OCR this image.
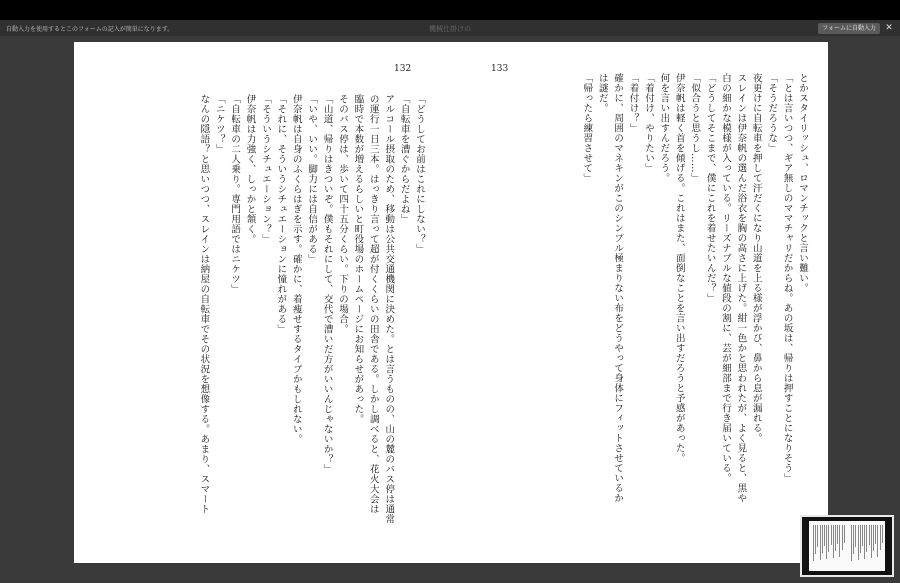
自動入力を使用するとこのフォームの記入が簡単になります。	フォームに自動入力	✕
機械仕掛けの
132	133

とかスタイリッシュ、ロマンチックと言い難い。

「とは言いつつ、ギア無しのママチャリだからね。あの坂は、帰りは押すことになりそう」

「そうだろうな」

夜更けに自転車を押して汗だくになり山道を上る様が浮かび、鼻から息が漏れる。

スレインは伊奈帆の選んだ浴衣を胸の高さに上げた。紺一色かと思われたが、よく見ると、黒や

白の細かな模様が入っている。リーズナブルな値段の割に、芸が細部まで行き届いている。

「どうしてそこまで、僕にこれを着せたいんだ？」

「似合うと思うし……」

伊奈帆は軽く首を傾げる。これはまた、面倒なことを言い出すだろうと予感があった。

何を言い出すんだろう。

「着付け、やりたい」

「着付け？」

確かに、周囲のマネキンがこのシンプル極まりない布をどうやって身体にフィットさせているか

は謎だ。

「帰ったら練習させて」

「どうしてお前はこれにしない？」

「自転車を漕ぐからだよね」

アルコール摂取のため、移動は公共交通機関に決めた。とは言うものの、山の麓のバス停は通常

の運行一日三本。はっきり言って超が付くくらいの田舎である。しかし調べると、花火大会は

臨時で本数が増えるらしいと町役場のホームページにお知らせがあった。

そのバス停は、歩いて四十五分くらい。下りの場合。

「山道、帰りはきついぞ。僕もそれにして、交代で漕いだ方がいいんじゃないか？」

「いや、いい。脚力には自信がある」

伊奈帆は自身のふくらはぎを示す。確かに、着痩せするタイプかもしれない。

「それに、そういうシチュエーションに憧れがある」

「そういうシチュエーション？」

伊奈帆は力強く、しっかと頷く。

「自転車の二人乗り。専門用語ではニケツ」

「ニケツ？」

なんの隠語？と思いつつ、スレインは納屋の自転車でその状況を想像する。あまり、スマート
